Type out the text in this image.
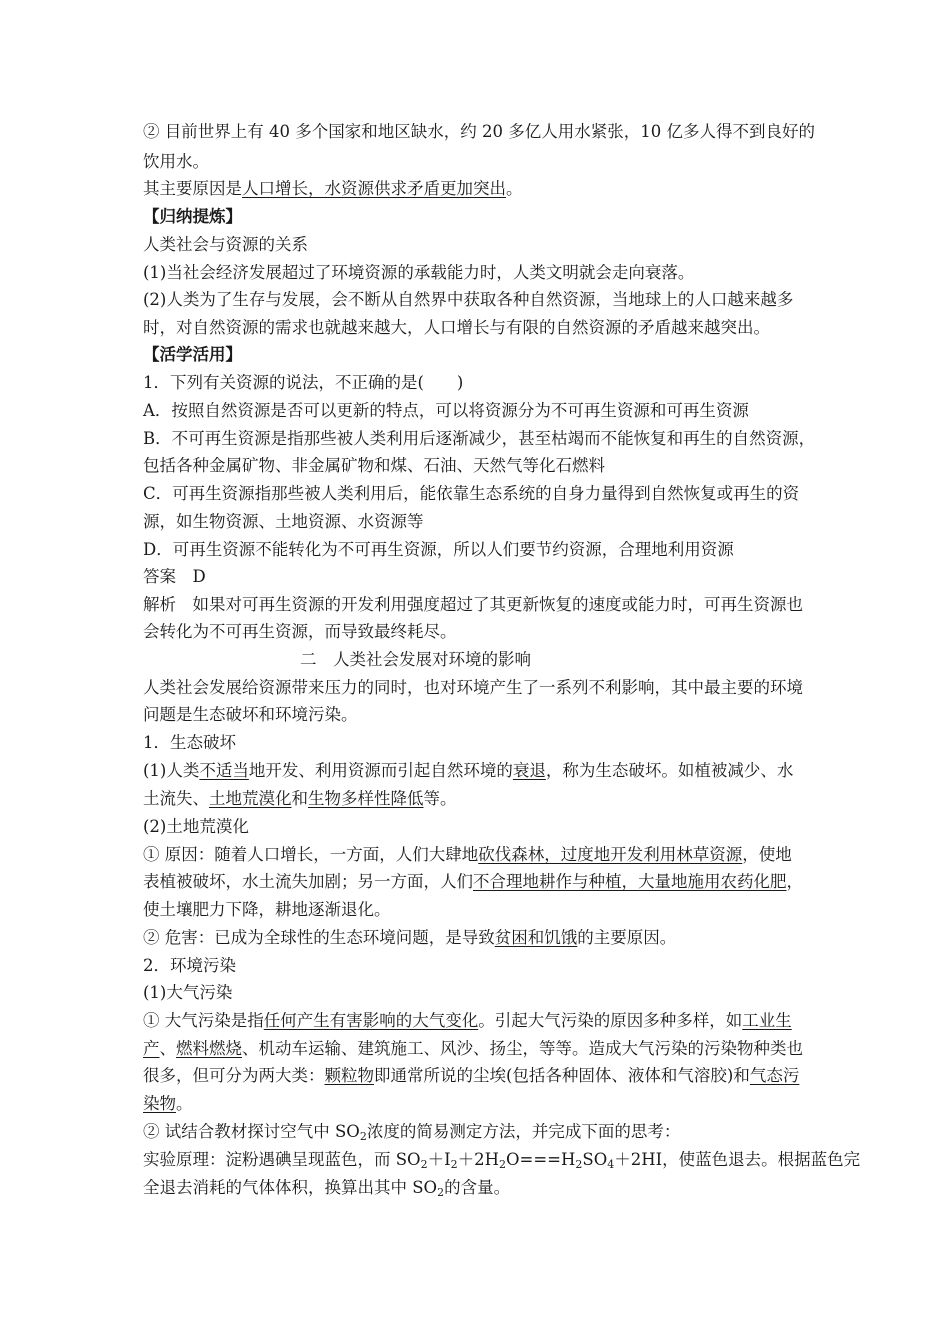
② 目前世界上有 40 多个国家和地区缺水，约 20 多亿人用水紧张，10 亿多人得不到良好的
饮用水。
其主要原因是人口增长，水资源供求矛盾更加突出。
【归纳提炼】
人类社会与资源的关系
(1)当社会经济发展超过了环境资源的承载能力时，人类文明就会走向衰落。
(2)人类为了生存与发展，会不断从自然界中获取各种自然资源，当地球上的人口越来越多
时，对自然资源的需求也就越来越大，人口增长与有限的自然资源的矛盾越来越突出。
【活学活用】
1．下列有关资源的说法，不正确的是(　　)
A．按照自然资源是否可以更新的特点，可以将资源分为不可再生资源和可再生资源
B．不可再生资源是指那些被人类利用后逐渐减少，甚至枯竭而不能恢复和再生的自然资源，
包括各种金属矿物、非金属矿物和煤、石油、天然气等化石燃料
C．可再生资源指那些被人类利用后，能依靠生态系统的自身力量得到自然恢复或再生的资
源，如生物资源、土地资源、水资源等
D．可再生资源不能转化为不可再生资源，所以人们要节约资源，合理地利用资源
答案　D
解析　如果对可再生资源的开发利用强度超过了其更新恢复的速度或能力时，可再生资源也
会转化为不可再生资源，而导致最终耗尽。
二　人类社会发展对环境的影响
人类社会发展给资源带来压力的同时，也对环境产生了一系列不利影响，其中最主要的环境
问题是生态破坏和环境污染。
1．生态破坏
(1)人类不适当地开发、利用资源而引起自然环境的衰退，称为生态破坏。如植被减少、水
土流失、土地荒漠化和生物多样性降低等。
(2)土地荒漠化
① 原因：随着人口增长，一方面，人们大肆地砍伐森林，过度地开发利用林草资源，使地
表植被破坏，水土流失加剧；另一方面，人们不合理地耕作与种植，大量地施用农药化肥，
使土壤肥力下降，耕地逐渐退化。
② 危害：已成为全球性的生态环境问题，是导致贫困和饥饿的主要原因。
2．环境污染
(1)大气污染
① 大气污染是指任何产生有害影响的大气变化。引起大气污染的原因多种多样，如工业生
产、燃料燃烧、机动车运输、建筑施工、风沙、扬尘，等等。造成大气污染的污染物种类也
很多，但可分为两大类：颗粒物即通常所说的尘埃(包括各种固体、液体和气溶胶)和气态污
染物。
② 试结合教材探讨空气中 $SO_2$浓度的简易测定方法，并完成下面的思考：
实验原理：淀粉遇碘呈现蓝色，而 $SO_2+I_2+2H_2O===H_2SO_4+2HI$，使蓝色退去。根据蓝色完
全退去消耗的气体体积，换算出其中 $SO_2$的含量。
